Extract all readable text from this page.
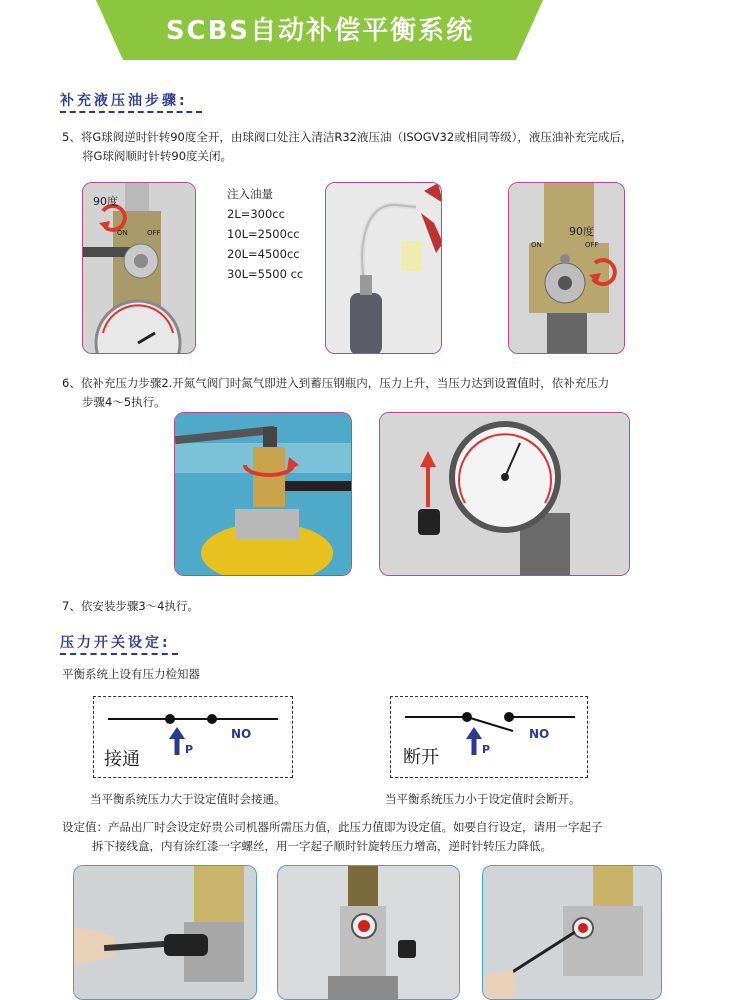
SCBS自动补偿平衡系统
补充液压油步骤:
5、将G球阀逆时针转90度全开，由球阀口处注入清洁R32液压油（ISOGV32或相同等级），液压油补充完成后，
将G球阀顺时针转90度关闭。
90度
ON	OFF
注入油量
2L=300cc
10L=2500cc
20L=4500cc
30L=5500 cc
90度
ON	OFF
6、依补充压力步骤2.开氮气阀门时氮气即进入到蓄压钢瓶内，压力上升，当压力达到设置值时，依补充压力
步骤4～5执行。
7、依安装步骤3～4执行。
压力开关设定:
平衡系统上设有压力检知器
接通	P
NO
当平衡系统压力大于设定值时会接通。
断开	P
NO
当平衡系统压力小于设定值时会断开。
设定值：产品出厂时会设定好贵公司机器所需压力值，此压力值即为设定值。如要自行设定，请用一字起子
拆下接线盒，内有涂红漆一字螺丝，用一字起子顺时针旋转压力增高，逆时针转压力降低。
